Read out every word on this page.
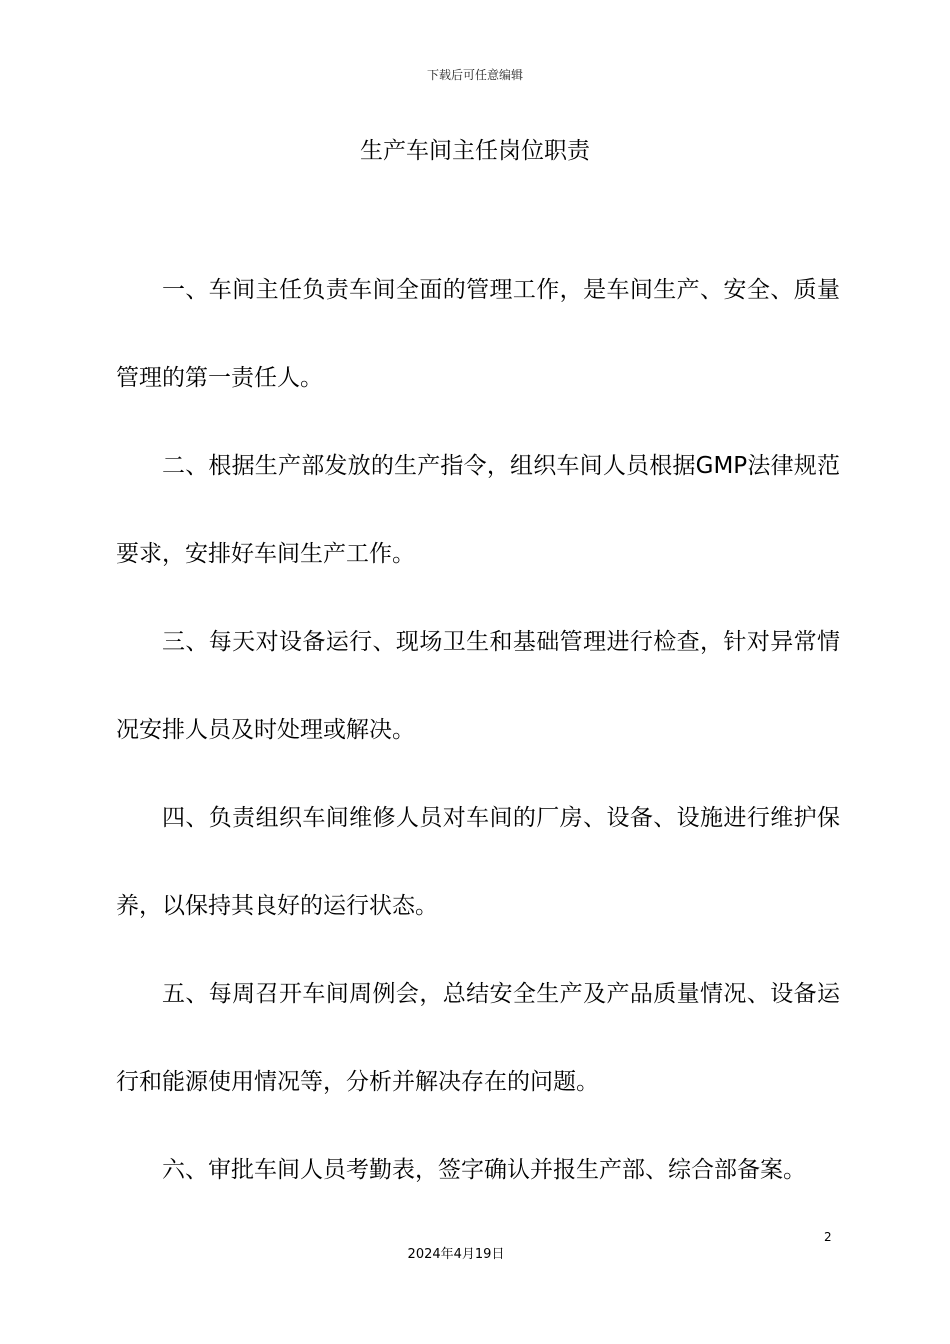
下载后可任意编辑
生产车间主任岗位职责

一、车间主任负责车间全面的管理工作，是车间生产、安全、质量管理的第一责任人。

二、根据生产部发放的生产指令，组织车间人员根据GMP法律规范要求，安排好车间生产工作。

三、每天对设备运行、现场卫生和基础管理进行检查，针对异常情况安排人员及时处理或解决。

四、负责组织车间维修人员对车间的厂房、设备、设施进行维护保养，以保持其良好的运行状态。

五、每周召开车间周例会，总结安全生产及产品质量情况、设备运行和能源使用情况等，分析并解决存在的问题。

六、审批车间人员考勤表，签字确认并报生产部、综合部备案。

2
2024年4月19日
